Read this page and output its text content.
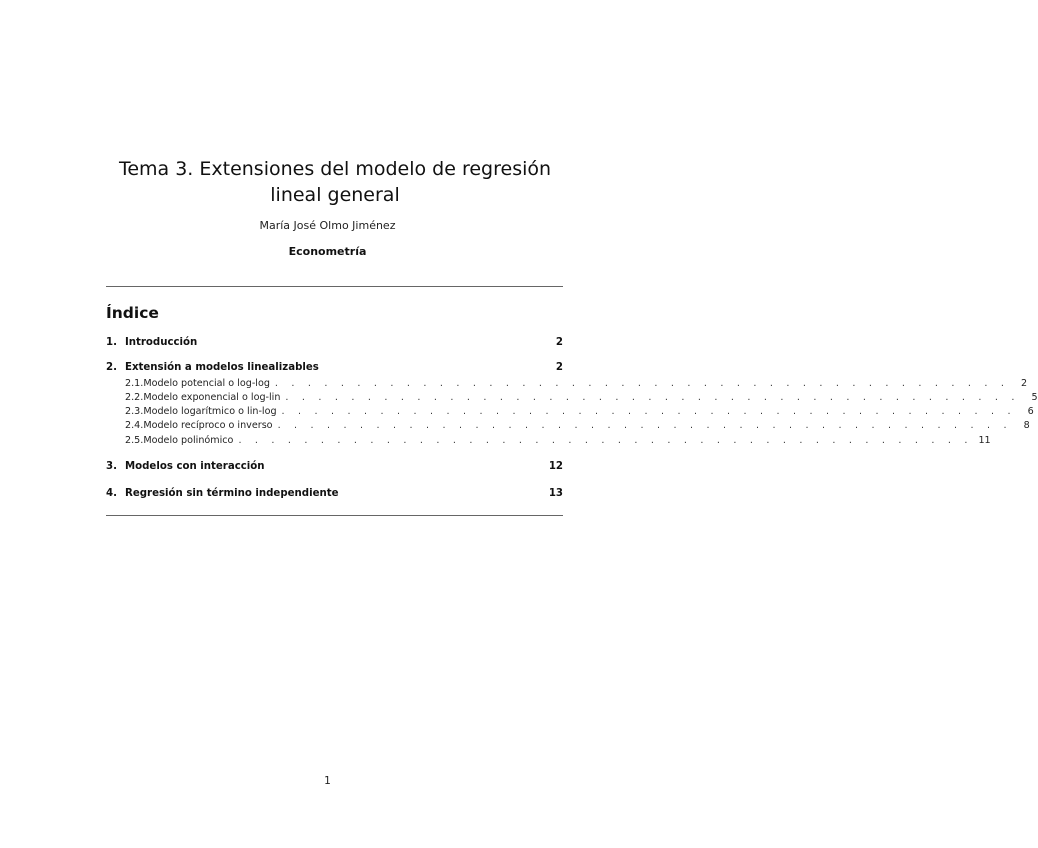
Tema 3. Extensiones del modelo de regresión lineal general
María José Olmo Jiménez
Econometría
Índice
1. Introducción	2
2. Extensión a modelos linealizables	2
2.1. Modelo potencial o log-log . . . . . . . . . . . . . . . . . . . . . . . . . . . . . . . . . . . . . . . . . . . . .	2
2.2. Modelo exponencial o log-lin . . . . . . . . . . . . . . . . . . . . . . . . . . . . . . . . . . . . . . . . . . . . .	5
2.3. Modelo logarítmico o lin-log . . . . . . . . . . . . . . . . . . . . . . . . . . . . . . . . . . . . . . . . . . . . .	6
2.4. Modelo recíproco o inverso . . . . . . . . . . . . . . . . . . . . . . . . . . . . . . . . . . . . . . . . . . . . .	8
2.5. Modelo polinómico . . . . . . . . . . . . . . . . . . . . . . . . . . . . . . . . . . . . . . . . . . . . . 11
3. Modelos con interacción	12
4. Regresión sin término independiente	13
1
